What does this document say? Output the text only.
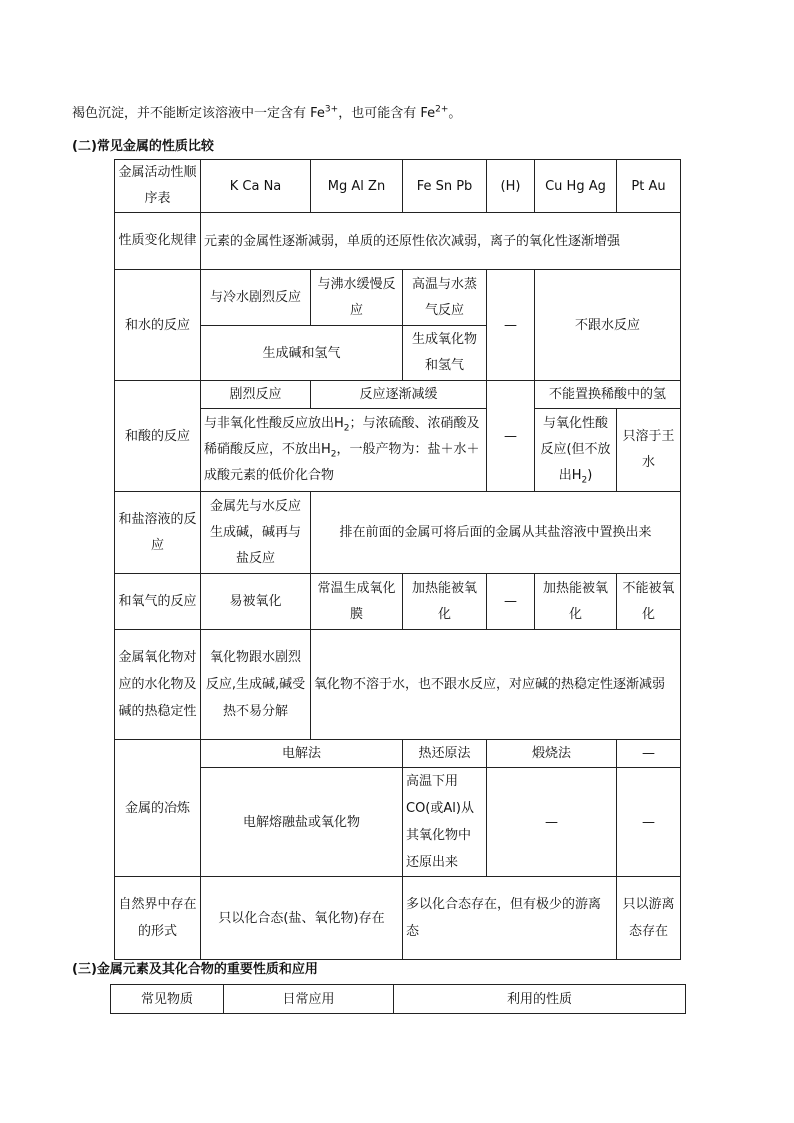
褐色沉淀，并不能断定该溶液中一定含有 $Fe^{3+}$，也可能含有 $Fe^{2+}$。
(二)常见金属的性质比较
金属活动性顺序表	K Ca Na	Mg Al Zn	Fe Sn Pb	(H)	Cu Hg Ag	Pt Au
性质变化规律	元素的金属性逐渐减弱，单质的还原性依次减弱，离子的氧化性逐渐增强					
和水的反应	与冷水剧烈反应	与沸水缓慢反应	高温与水蒸气反应	—	不跟水反应	
	生成碱和氢气		生成氧化物和氢气			
和酸的反应	剧烈反应	反应逐渐减缓		—	不能置换稀酸中的氢	
	与非氧化性酸反应放出$H_2$；与浓硫酸、浓硝酸及稀硝酸反应，不放出$H_2$，一般产物为：盐＋水＋成酸元素的低价化合物				与氧化性酸反应(但不放出$H_2$)	只溶于王水
和盐溶液的反应	金属先与水反应生成碱，碱再与盐反应	排在前面的金属可将后面的金属从其盐溶液中置换出来				
和氧气的反应	易被氧化	常温生成氧化膜	加热能被氧化	—	加热能被氧化	不能被氧化
金属氧化物对应的水化物及碱的热稳定性	氧化物跟水剧烈反应,生成碱,碱受热不易分解	氧化物不溶于水，也不跟水反应，对应碱的热稳定性逐渐减弱				
金属的冶炼	电解法		热还原法	煅烧法		—
	电解熔融盐或氧化物		高温下用CO(或Al)从其氧化物中还原出来	—		—
自然界中存在的形式	只以化合态(盐、氧化物)存在		多以化合态存在，但有极少的游离态			只以游离态存在
(三)金属元素及其化合物的重要性质和应用
常见物质	日常应用	利用的性质
